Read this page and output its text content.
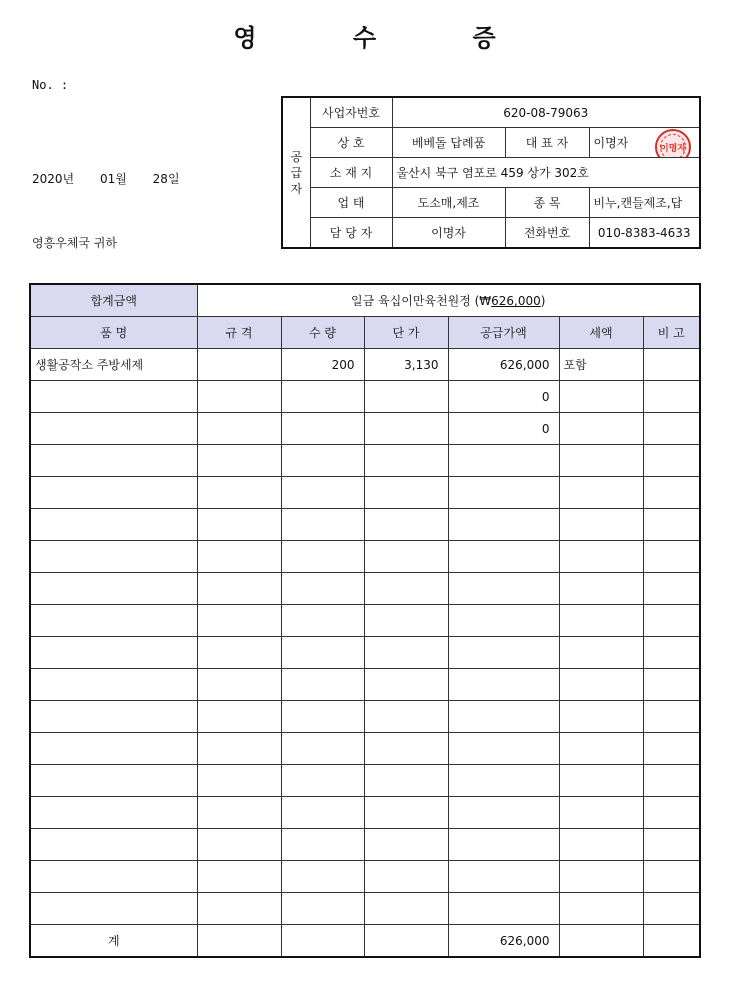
영 수 증
No. :
2020년 01월 28일
영흥우체국 귀하
공
급
자	사업자번호	620-08-79063		
	상 호	베베돌 답례품	대 표 자	이명자 이명자

	소 재 지	울산시 북구 염포로 459 상가 302호		
	업 태	도소매,제조	종 목	비누,캔들제조,답
	담 당 자	이명자	전화번호	010-8383-4633
합계금액	일금 육십이만육천원정 (₩626,000)					
품 명	규 격	수 량	단 가	공급가액	세액	비 고
생활공작소 주방세제		200	3,130	626,000	포함	
				0		
				0		

계				626,000		
